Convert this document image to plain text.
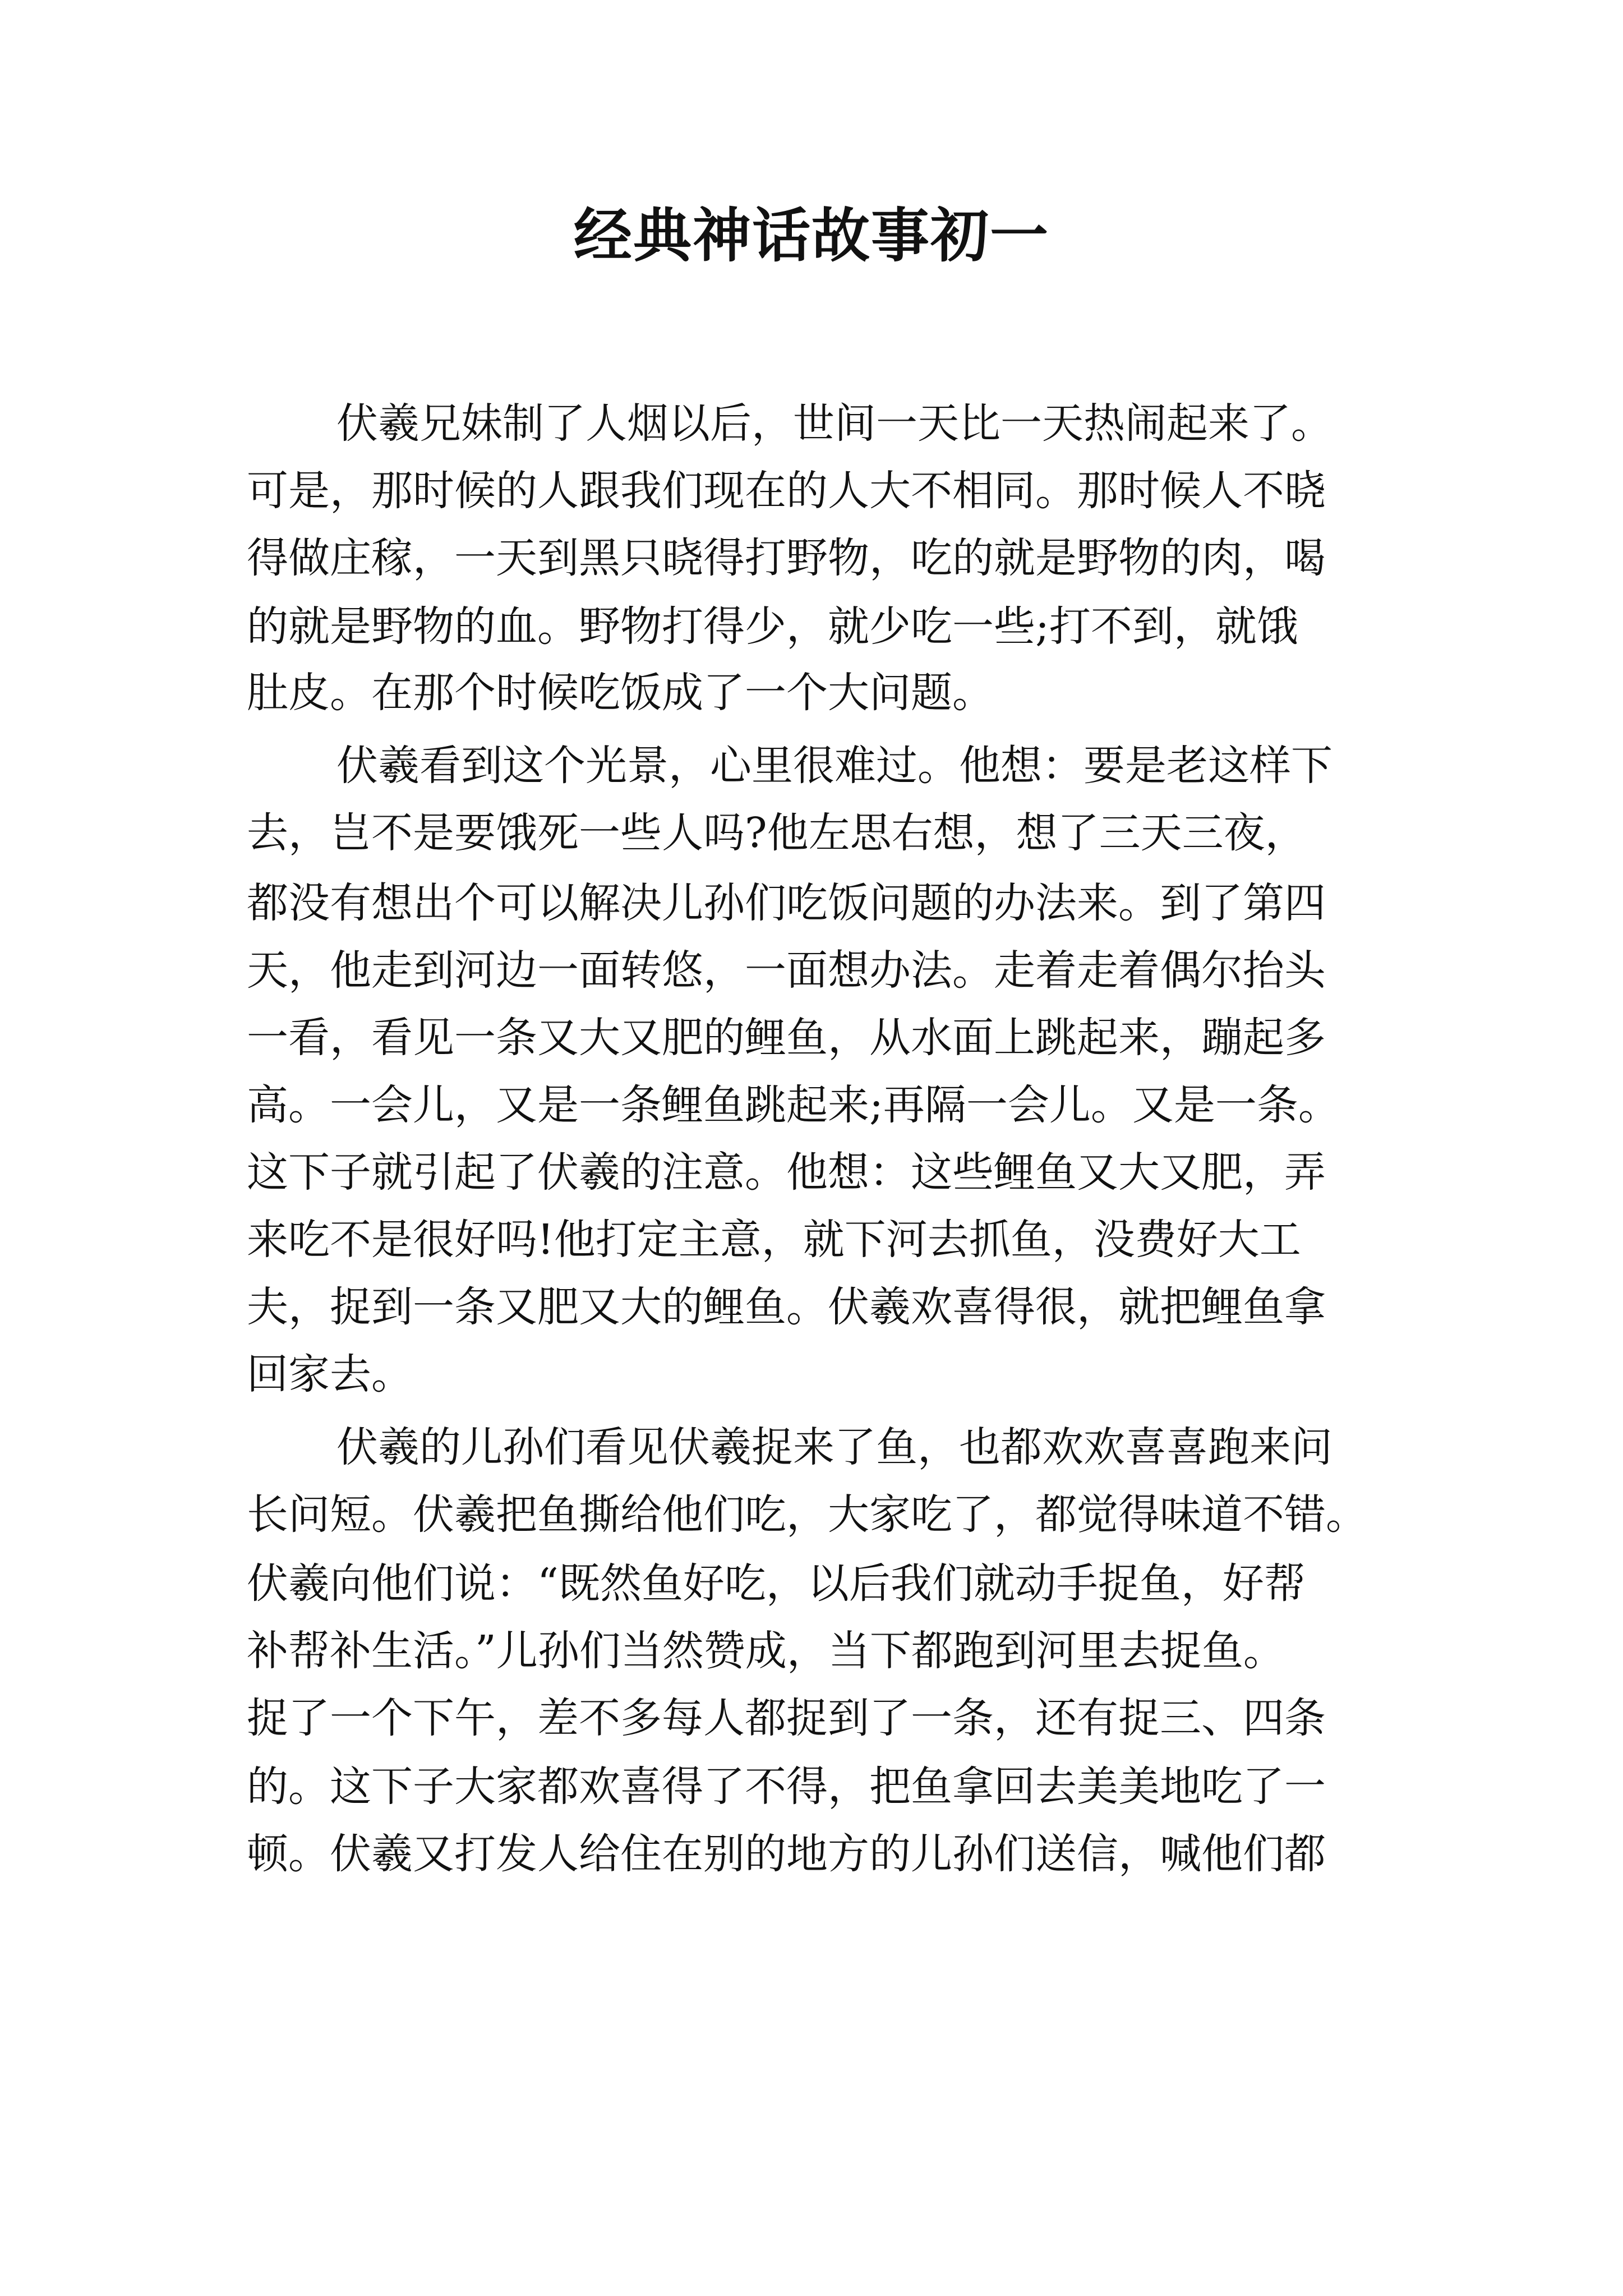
经典神话故事初一
伏羲兄妹制了人烟以后，世间一天比一天热闹起来了。
可是，那时候的人跟我们现在的人大不相同。那时候人不晓
得做庄稼，一天到黑只晓得打野物，吃的就是野物的肉，喝
的就是野物的血。野物打得少，就少吃一些;打不到，就饿
肚皮。在那个时候吃饭成了一个大问题。
伏羲看到这个光景，心里很难过。他想：要是老这样下
去，岂不是要饿死一些人吗?他左思右想，想了三天三夜，
都没有想出个可以解决儿孙们吃饭问题的办法来。到了第四
天，他走到河边一面转悠，一面想办法。走着走着偶尔抬头
一看，看见一条又大又肥的鲤鱼，从水面上跳起来，蹦起多
高。一会儿，又是一条鲤鱼跳起来;再隔一会儿。又是一条。
这下子就引起了伏羲的注意。他想：这些鲤鱼又大又肥，弄
来吃不是很好吗!他打定主意，就下河去抓鱼，没费好大工
夫，捉到一条又肥又大的鲤鱼。伏羲欢喜得很，就把鲤鱼拿
回家去。
伏羲的儿孙们看见伏羲捉来了鱼，也都欢欢喜喜跑来问
长问短。伏羲把鱼撕给他们吃，大家吃了，都觉得味道不错。
伏羲向他们说：“既然鱼好吃，以后我们就动手捉鱼，好帮
补帮补生活。”儿孙们当然赞成，当下都跑到河里去捉鱼。
捉了一个下午，差不多每人都捉到了一条，还有捉三、四条
的。这下子大家都欢喜得了不得，把鱼拿回去美美地吃了一
顿。伏羲又打发人给住在别的地方的儿孙们送信，喊他们都
